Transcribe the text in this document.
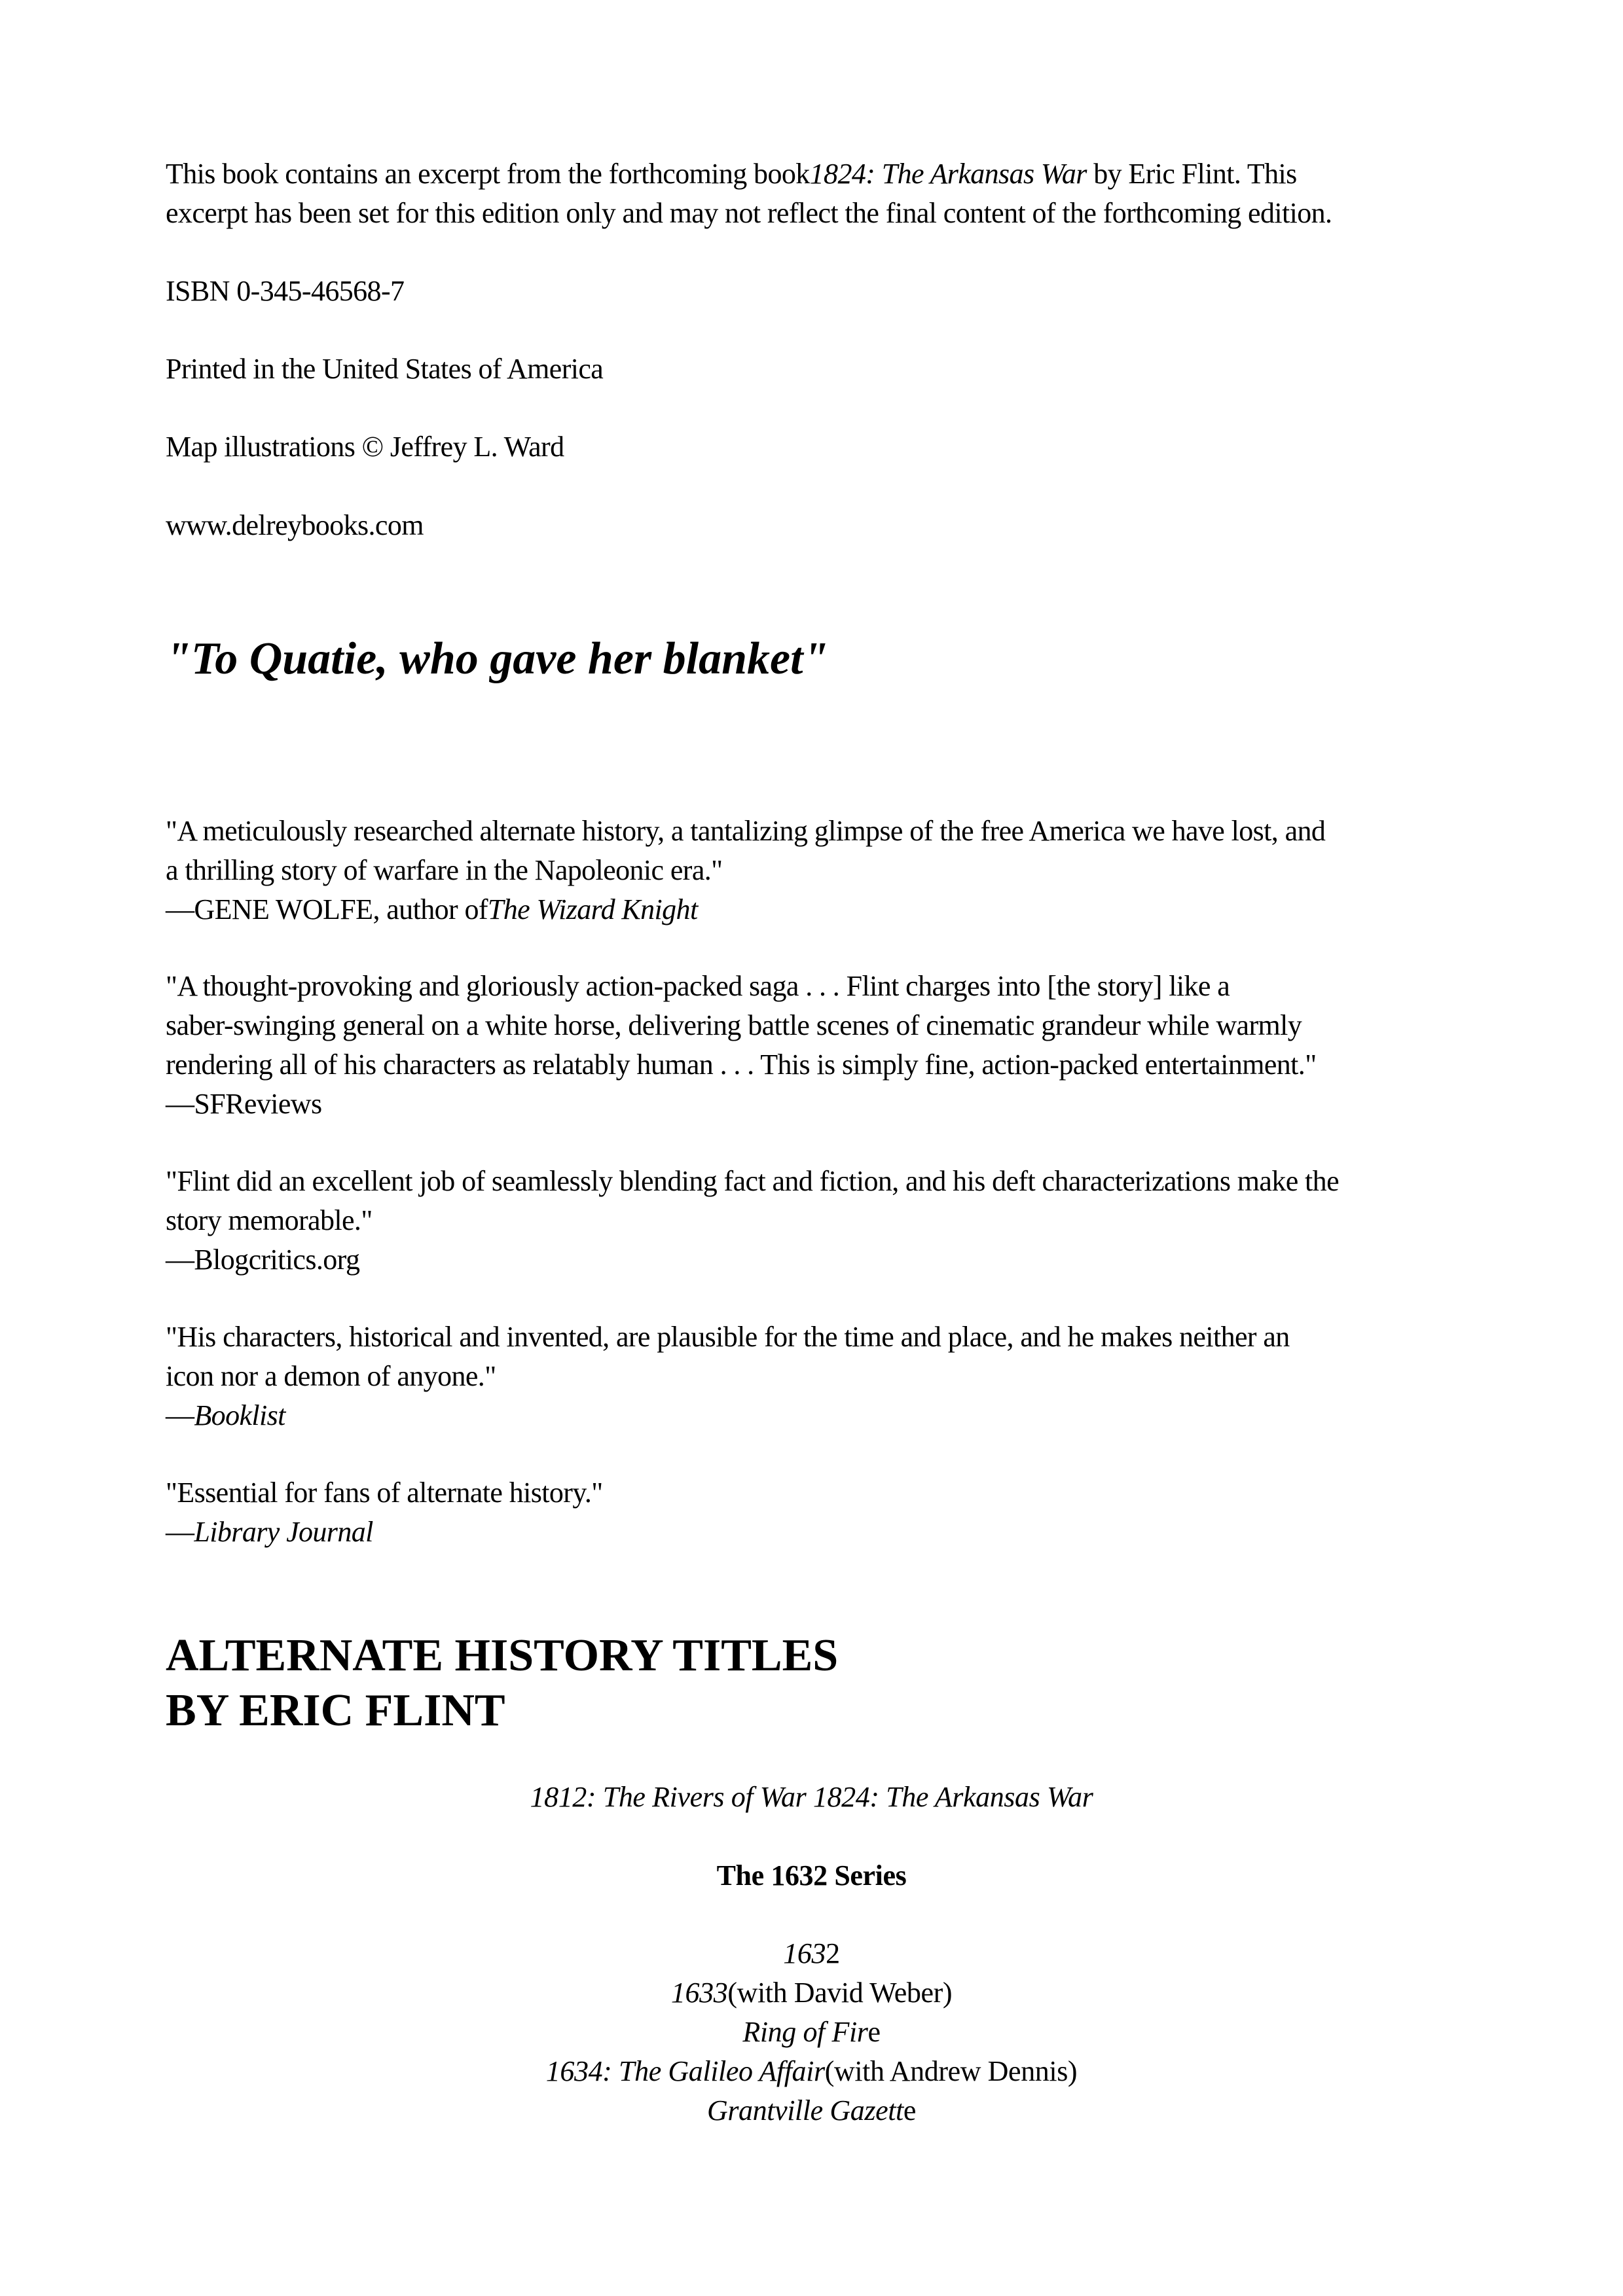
This book contains an excerpt from the forthcoming book1824: The Arkansas War by Eric Flint. This
excerpt has been set for this edition only and may not reflect the final content of the forthcoming edition.

ISBN 0-345-46568-7

Printed in the United States of America

Map illustrations © Jeffrey L. Ward

www.delreybooks.com

"To Quatie, who gave her blanket"

"A meticulously researched alternate history, a tantalizing glimpse of the free America we have lost, and
a thrilling story of warfare in the Napoleonic era."
—GENE WOLFE, author ofThe Wizard Knight

"A thought-provoking and gloriously action-packed saga . . . Flint charges into [the story] like a
saber-swinging general on a white horse, delivering battle scenes of cinematic grandeur while warmly
rendering all of his characters as relatably human . . . This is simply fine, action-packed entertainment."
—SFReviews

"Flint did an excellent job of seamlessly blending fact and fiction, and his deft characterizations make the
story memorable."
—Blogcritics.org

"His characters, historical and invented, are plausible for the time and place, and he makes neither an
icon nor a demon of anyone."
—Booklist

"Essential for fans of alternate history."
—Library Journal

ALTERNATE HISTORY TITLES
BY ERIC FLINT

1812: The Rivers of War 1824: The Arkansas War

The 1632 Series

1632
1633(with David Weber)
Ring of Fire
1634: The Galileo Affair(with Andrew Dennis)
Grantville Gazette
